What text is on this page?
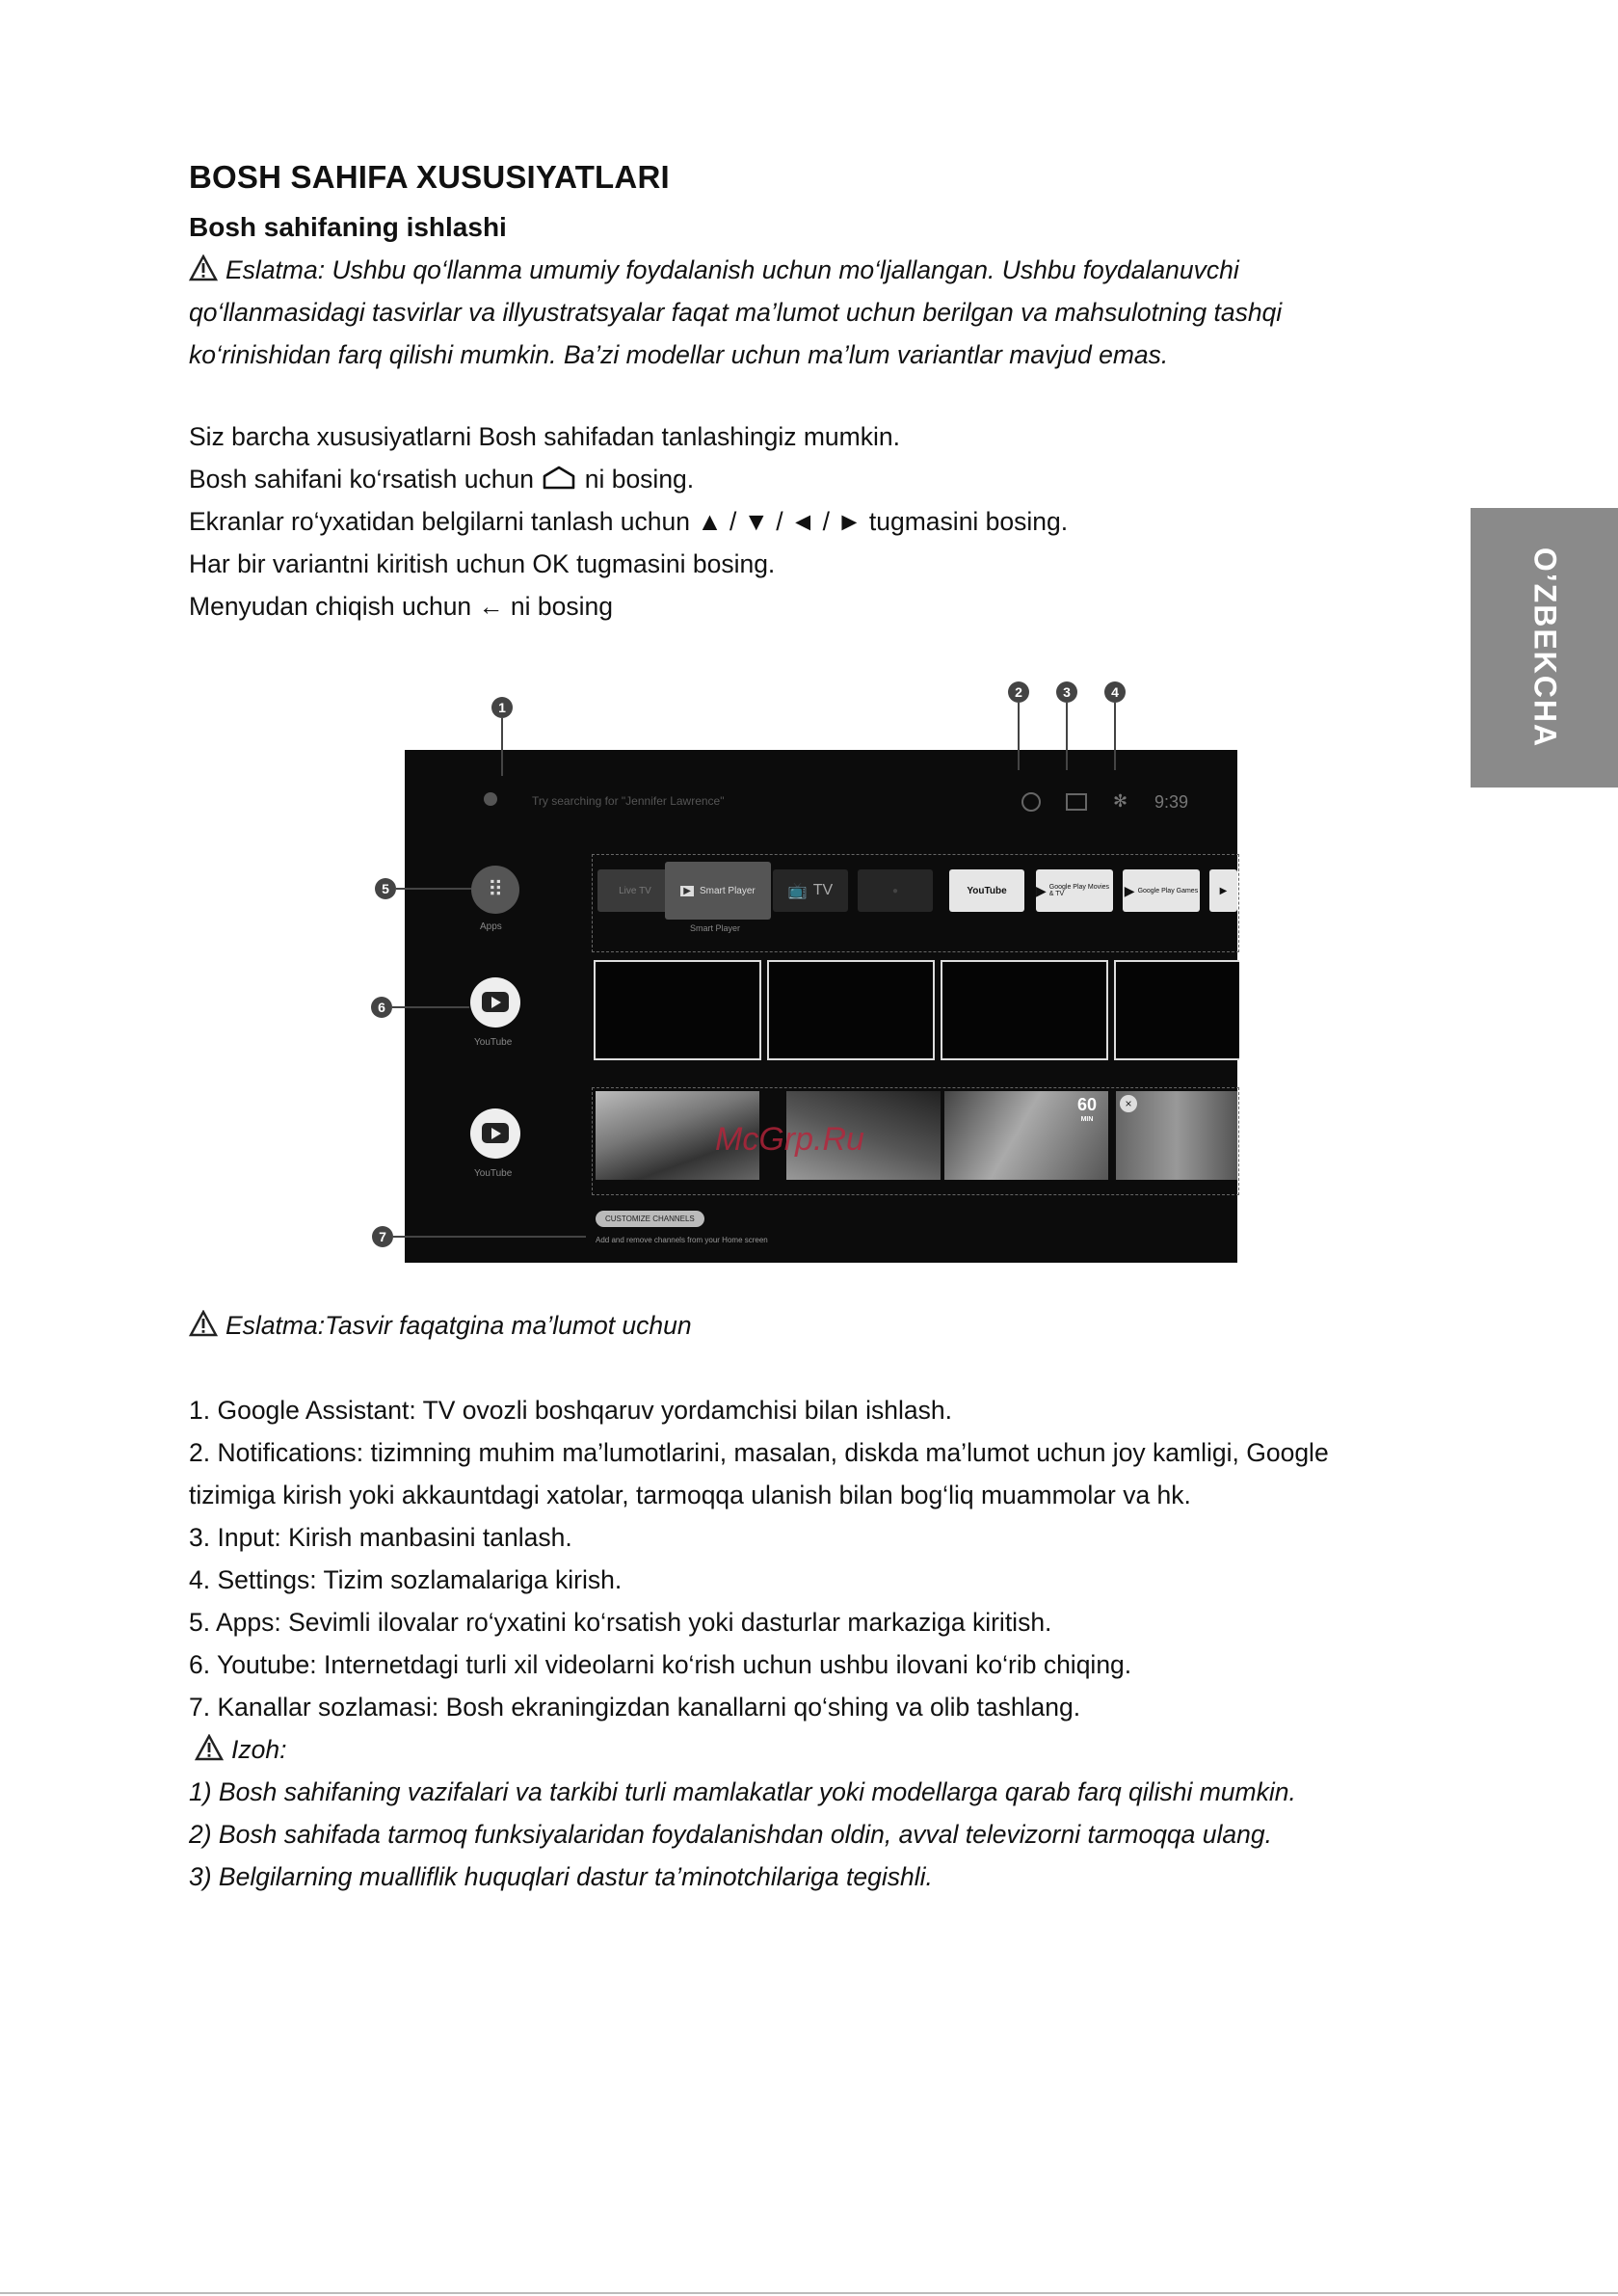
BOSH SAHIFA XUSUSIYATLARI
Bosh sahifaning ishlashi
Eslatma: Ushbu qo‘llanma umumiy foydalanish uchun mo‘ljallangan. Ushbu foydalanuvchi
qo‘llanmasidagi tasvirlar va illyustratsyalar faqat ma’lumot uchun berilgan va mahsulotning tashqi
ko‘rinishidan farq qilishi mumkin. Ba’zi modellar uchun ma’lum variantlar mavjud emas.
Siz barcha xususiyatlarni Bosh sahifadan tanlashingiz mumkin.
Bosh sahifani ko‘rsatish uchun ni bosing.
Ekranlar ro‘yxatidan belgilarni tanlash uchun ▲ / ▼ / ◄ / ► tugmasini bosing.
Har bir variantni kiritish uchun OK tugmasini bosing.
Menyudan chiqish uchun ← ni bosing	O’ZBEKCHA
Try searching for "Jennifer Lawrence"	✻ 9:39
⠿
Apps
YouTube
YouTube
Live TV	▶ Smart Player
Smart Player
📺 TV	●	YouTube ▶ Google Play Movies & TV	▶ Google Play Games	▶
60
MIN
×
McGrp.Ru
CUSTOMIZE CHANNELS
Add and remove channels from your Home screen
1
2	3	4
5
6
7
Eslatma:Tasvir faqatgina ma’lumot uchun
1. Google Assistant: TV ovozli boshqaruv yordamchisi bilan ishlash.
2. Notifications: tizimning muhim ma’lumotlarini, masalan, diskda ma’lumot uchun joy kamligi, Google
tizimiga kirish yoki akkauntdagi xatolar, tarmoqqa ulanish bilan bog‘liq muammolar va hk.
3. Input: Kirish manbasini tanlash.
4. Settings: Tizim sozlamalariga kirish.
5. Apps: Sevimli ilovalar ro‘yxatini ko‘rsatish yoki dasturlar markaziga kiritish.
6. Youtube: Internetdagi turli xil videolarni ko‘rish uchun ushbu ilovani ko‘rib chiqing.
7. Kanallar sozlamasi: Bosh ekraningizdan kanallarni qo‘shing va olib tashlang.
Izoh:
1) Bosh sahifaning vazifalari va tarkibi turli mamlakatlar yoki modellarga qarab farq qilishi mumkin.
2) Bosh sahifada tarmoq funksiyalaridan foydalanishdan oldin, avval televizorni tarmoqqa ulang.
3) Belgilarning mualliflik huquqlari dastur ta’minotchilariga tegishli.
